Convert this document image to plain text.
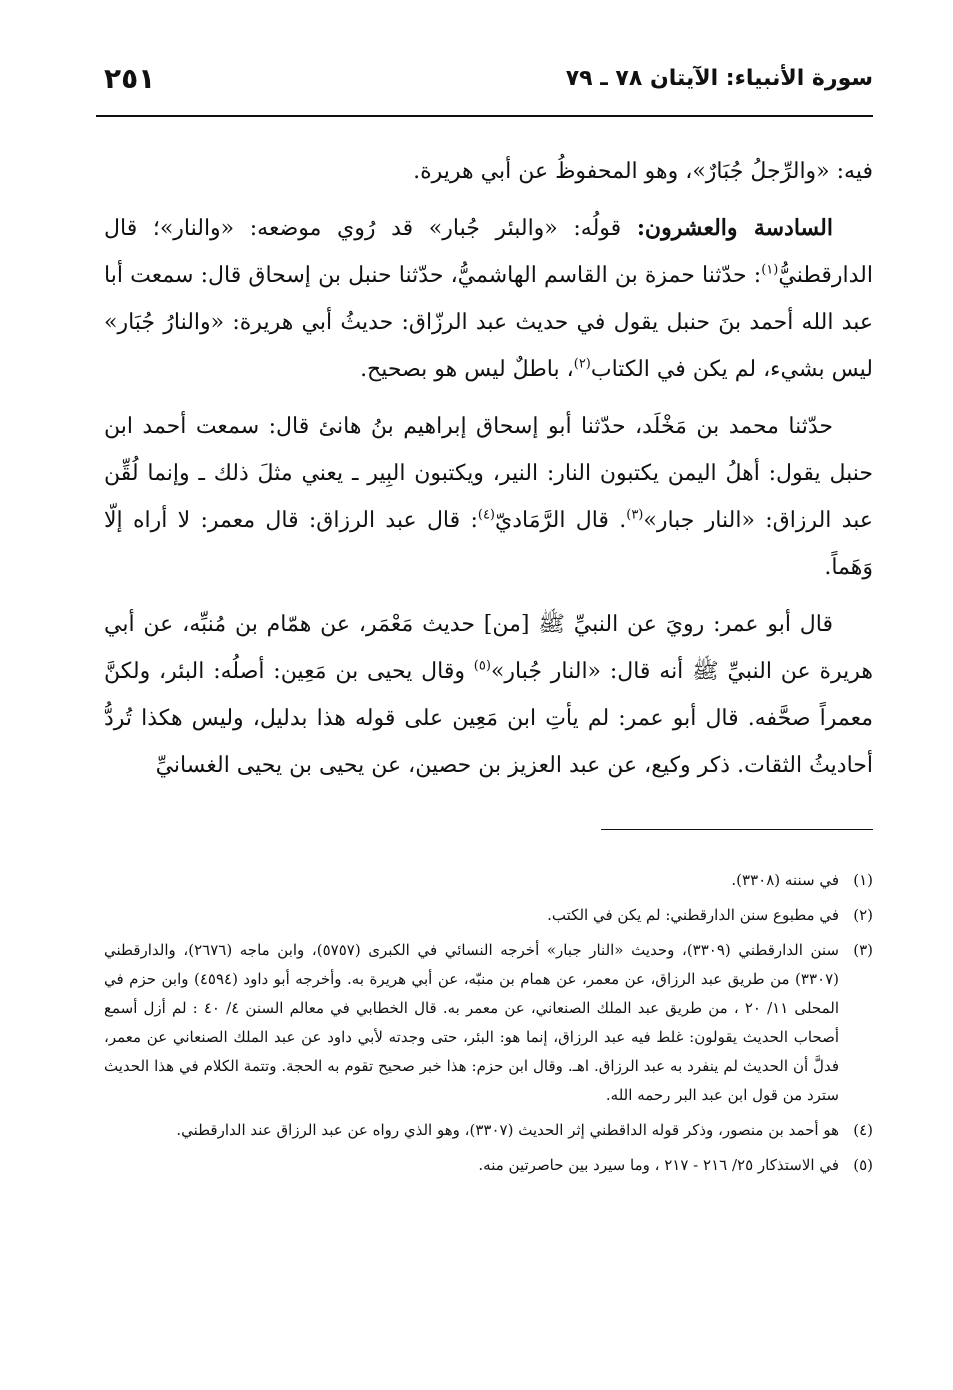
سورة الأنبياء: الآيتان ٧٨ ـ ٧٩
٢٥١

فيه: «والرِّجلُ جُبَارٌ»، وهو المحفوظُ عن أبي هريرة.

السادسة والعشرون: قولُه: «والبئر جُبار» قد رُوي موضعه: «والنار»؛ قال الدارقطنيُّ$^{(١)}$: حدّثنا حمزة بن القاسم الهاشميُّ، حدّثنا حنبل بن إسحاق قال: سمعت أبا عبد الله أحمد بنَ حنبل يقول في حديث عبد الرزّاق: حديثُ أبي هريرة: «والنارُ جُبَار» ليس بشيء، لم يكن في الكتاب$^{(٢)}$، باطلٌ ليس هو بصحيح.

حدّثنا محمد بن مَخْلَد، حدّثنا أبو إسحاق إبراهيم بنُ هانئ قال: سمعت أحمد ابن حنبل يقول: أهلُ اليمن يكتبون النار: النير، ويكتبون البِير ـ يعني مثلَ ذلك ـ وإنما لُقِّن عبد الرزاق: «النار جبار»$^{(٣)}$. قال الرَّمَاديّ$^{(٤)}$: قال عبد الرزاق: قال معمر: لا أراه إلّا وَهَماً.

قال أبو عمر: رويَ عن النبيِّ ﷺ [من] حديث مَعْمَر، عن همّام بن مُنبِّه، عن أبي هريرة عن النبيِّ ﷺ أنه قال: «النار جُبار»$^{(٥)}$ وقال يحيى بن مَعِين: أصلُه: البئر، ولكنَّ معمراً صحَّفه. قال أبو عمر: لم يأتِ ابن مَعِين على قوله هذا بدليل، وليس هكذا تُردُّ أحاديثُ الثقات. ذكر وكيع، عن عبد العزيز بن حصين، عن يحيى بن يحيى الغسانيِّ

(١)
في سننه (٣٣٠٨).
(٢)
في مطبوع سنن الدارقطني: لم يكن في الكتب.
(٣)
سنن الدارقطني (٣٣٠٩)، وحديث «النار جبار» أخرجه النسائي في الكبرى (٥٧٥٧)، وابن ماجه (٢٦٧٦)، والدارقطني (٣٣٠٧) من طريق عبد الرزاق، عن معمر، عن همام بن منبّه، عن أبي هريرة به. وأخرجه أبو داود (٤٥٩٤) وابن حزم في المحلى ١١/ ٢٠ ، من طريق عبد الملك الصنعاني، عن معمر به. قال الخطابي في معالم السنن ٤/ ٤٠ : لم أزل أسمع أصحاب الحديث يقولون: غلط فيه عبد الرزاق، إنما هو: البئر، حتى وجدته لأبي داود عن عبد الملك الصنعاني عن معمر، فدلَّ أن الحديث لم ينفرد به عبد الرزاق. اهـ. وقال ابن حزم: هذا خبر صحيح تقوم به الحجة. وتتمة الكلام في هذا الحديث سترد من قول ابن عبد البر رحمه الله.
(٤)
هو أحمد بن منصور، وذكر قوله الداقطني إثر الحديث (٣٣٠٧)، وهو الذي رواه عن عبد الرزاق عند الدارقطني.
(٥)
في الاستذكار ٢٥/ ٢١٦ - ٢١٧ ، وما سيرد بين حاصرتين منه.
